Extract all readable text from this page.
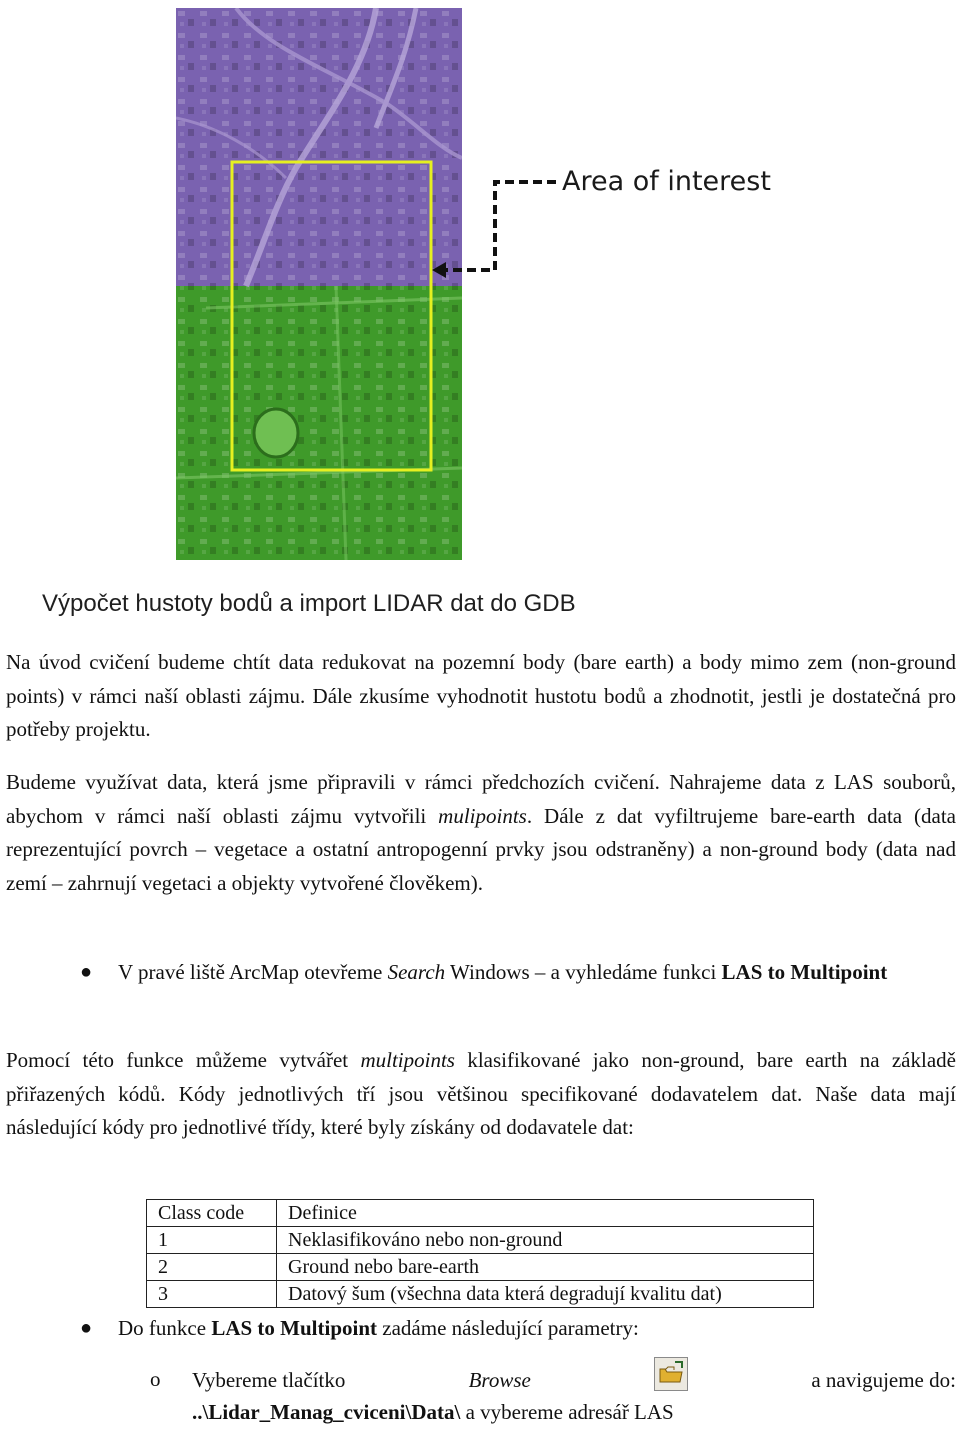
Area of interest
Výpočet hustoty bodů a import LIDAR dat do GDB
Na úvod cvičení budeme chtít data redukovat na pozemní body (bare earth) a body mimo zem (non-ground points) v rámci naší oblasti zájmu. Dále zkusíme vyhodnotit hustotu bodů a zhodnotit, jestli je dostatečná pro potřeby projektu.
Budeme využívat data, která jsme připravili v rámci předchozích cvičení. Nahrajeme data z LAS souborů, abychom v rámci naší oblasti zájmu vytvořili mulipoints. Dále z dat vyfiltrujeme bare-earth data (data reprezentující povrch – vegetace a ostatní antropogenní prvky jsou odstraněny) a non-ground body (data nad zemí – zahrnují vegetaci a objekty vytvořené člověkem).
● V pravé liště ArcMap otevřeme Search Windows – a vyhledáme funkci LAS to Multipoint
Pomocí této funkce můžeme vytvářet multipoints klasifikované jako non-ground, bare earth na základě přiřazených kódů. Kódy jednotlivých tří jsou většinou specifikované dodavatelem dat. Naše data mají následující kódy pro jednotlivé třídy, které byly získány od dodavatele dat:
Class code	Definice
1	Neklasifikováno nebo non-ground
2	Ground nebo bare-earth
3	Datový šum (všechna data která degradují kvalitu dat)
● Do funkce LAS to Multipoint zadáme následující parametry:
o Vybereme tlačítko	Browse	a navigujeme do:
..\Lidar_Manag_cviceni\Data\ a vybereme adresář LAS
